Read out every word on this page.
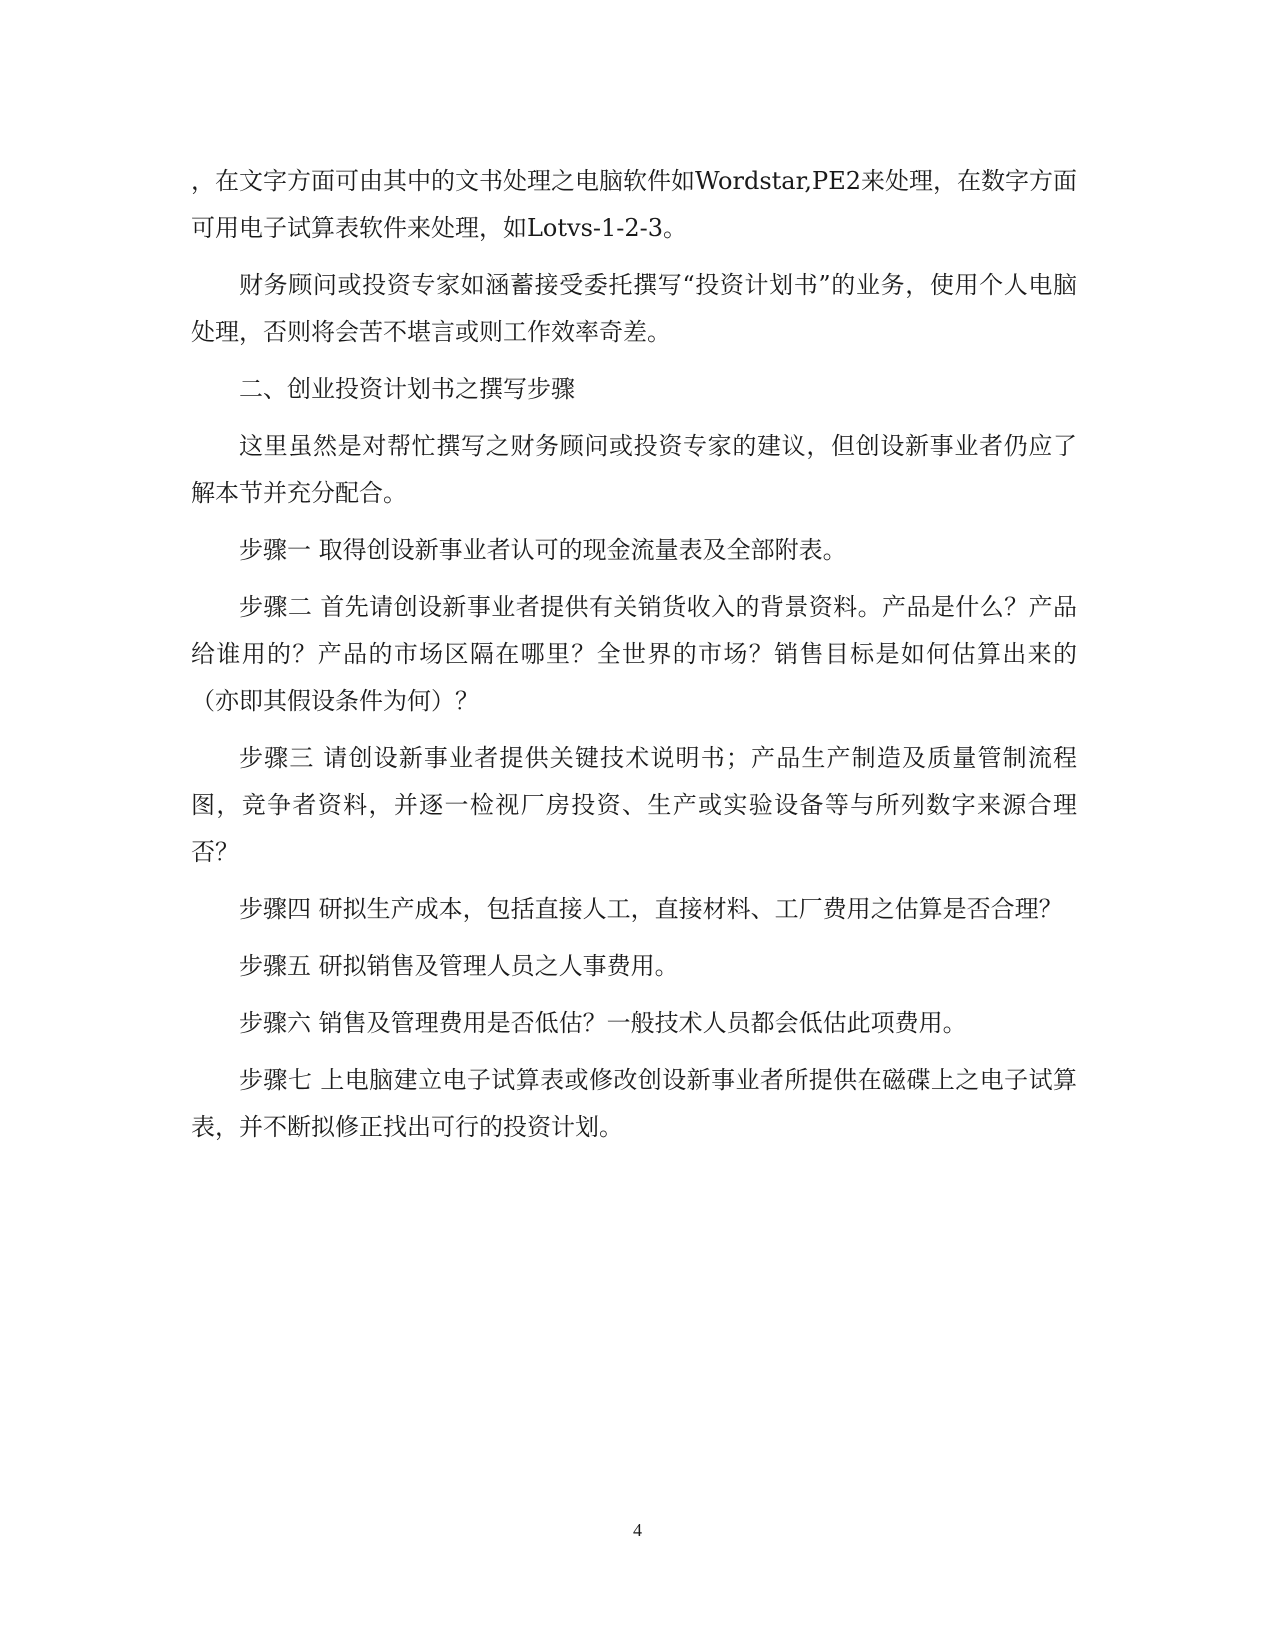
，在文字方面可由其中的文书处理之电脑软件如Wordstar,PE2来处理，在数字方面可用电子试算表软件来处理，如Lotvs-1-2-3。

财务顾问或投资专家如涵蓄接受委托撰写“投资计划书”的业务，使用个人电脑处理，否则将会苦不堪言或则工作效率奇差。

二、创业投资计划书之撰写步骤

这里虽然是对帮忙撰写之财务顾问或投资专家的建议，但创设新事业者仍应了解本节并充分配合。

步骤一 取得创设新事业者认可的现金流量表及全部附表。

步骤二 首先请创设新事业者提供有关销货收入的背景资料。产品是什么？产品给谁用的？产品的市场区隔在哪里？全世界的市场？销售目标是如何估算出来的（亦即其假设条件为何）？

步骤三 请创设新事业者提供关键技术说明书；产品生产制造及质量管制流程图，竞争者资料，并逐一检视厂房投资、生产或实验设备等与所列数字来源合理否？

步骤四 研拟生产成本，包括直接人工，直接材料、工厂费用之估算是否合理？

步骤五 研拟销售及管理人员之人事费用。

步骤六 销售及管理费用是否低估？一般技术人员都会低估此项费用。

步骤七 上电脑建立电子试算表或修改创设新事业者所提供在磁碟上之电子试算表，并不断拟修正找出可行的投资计划。

4
